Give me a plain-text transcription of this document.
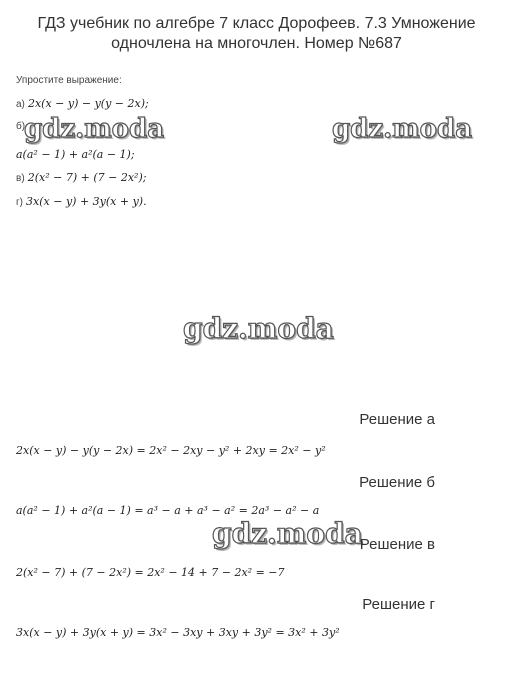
ГДЗ учебник по алгебре 7 класс Дорофеев. 7.3 Умножение
одночлена на многочлен. Номер №687
Упростите выражение:
а) 2x(x − y) − y(y − 2x);
б)
a(a² − 1) + a²(a − 1);
в) 2(x² − 7) + (7 − 2x²);
г) 3x(x − y) + 3y(x + y).
gdz.moda	gdz.moda
gdz.moda
gdz.moda
Решение а
2x(x − y) − y(y − 2x) = 2x² − 2xy − y² + 2xy = 2x² − y²
Решение б
a(a² − 1) + a²(a − 1) = a³ − a + a³ − a² = 2a³ − a² − a
Решение в
2(x² − 7) + (7 − 2x²) = 2x² − 14 + 7 − 2x² = −7
Решение г
3x(x − y) + 3y(x + y) = 3x² − 3xy + 3xy + 3y² = 3x² + 3y²
